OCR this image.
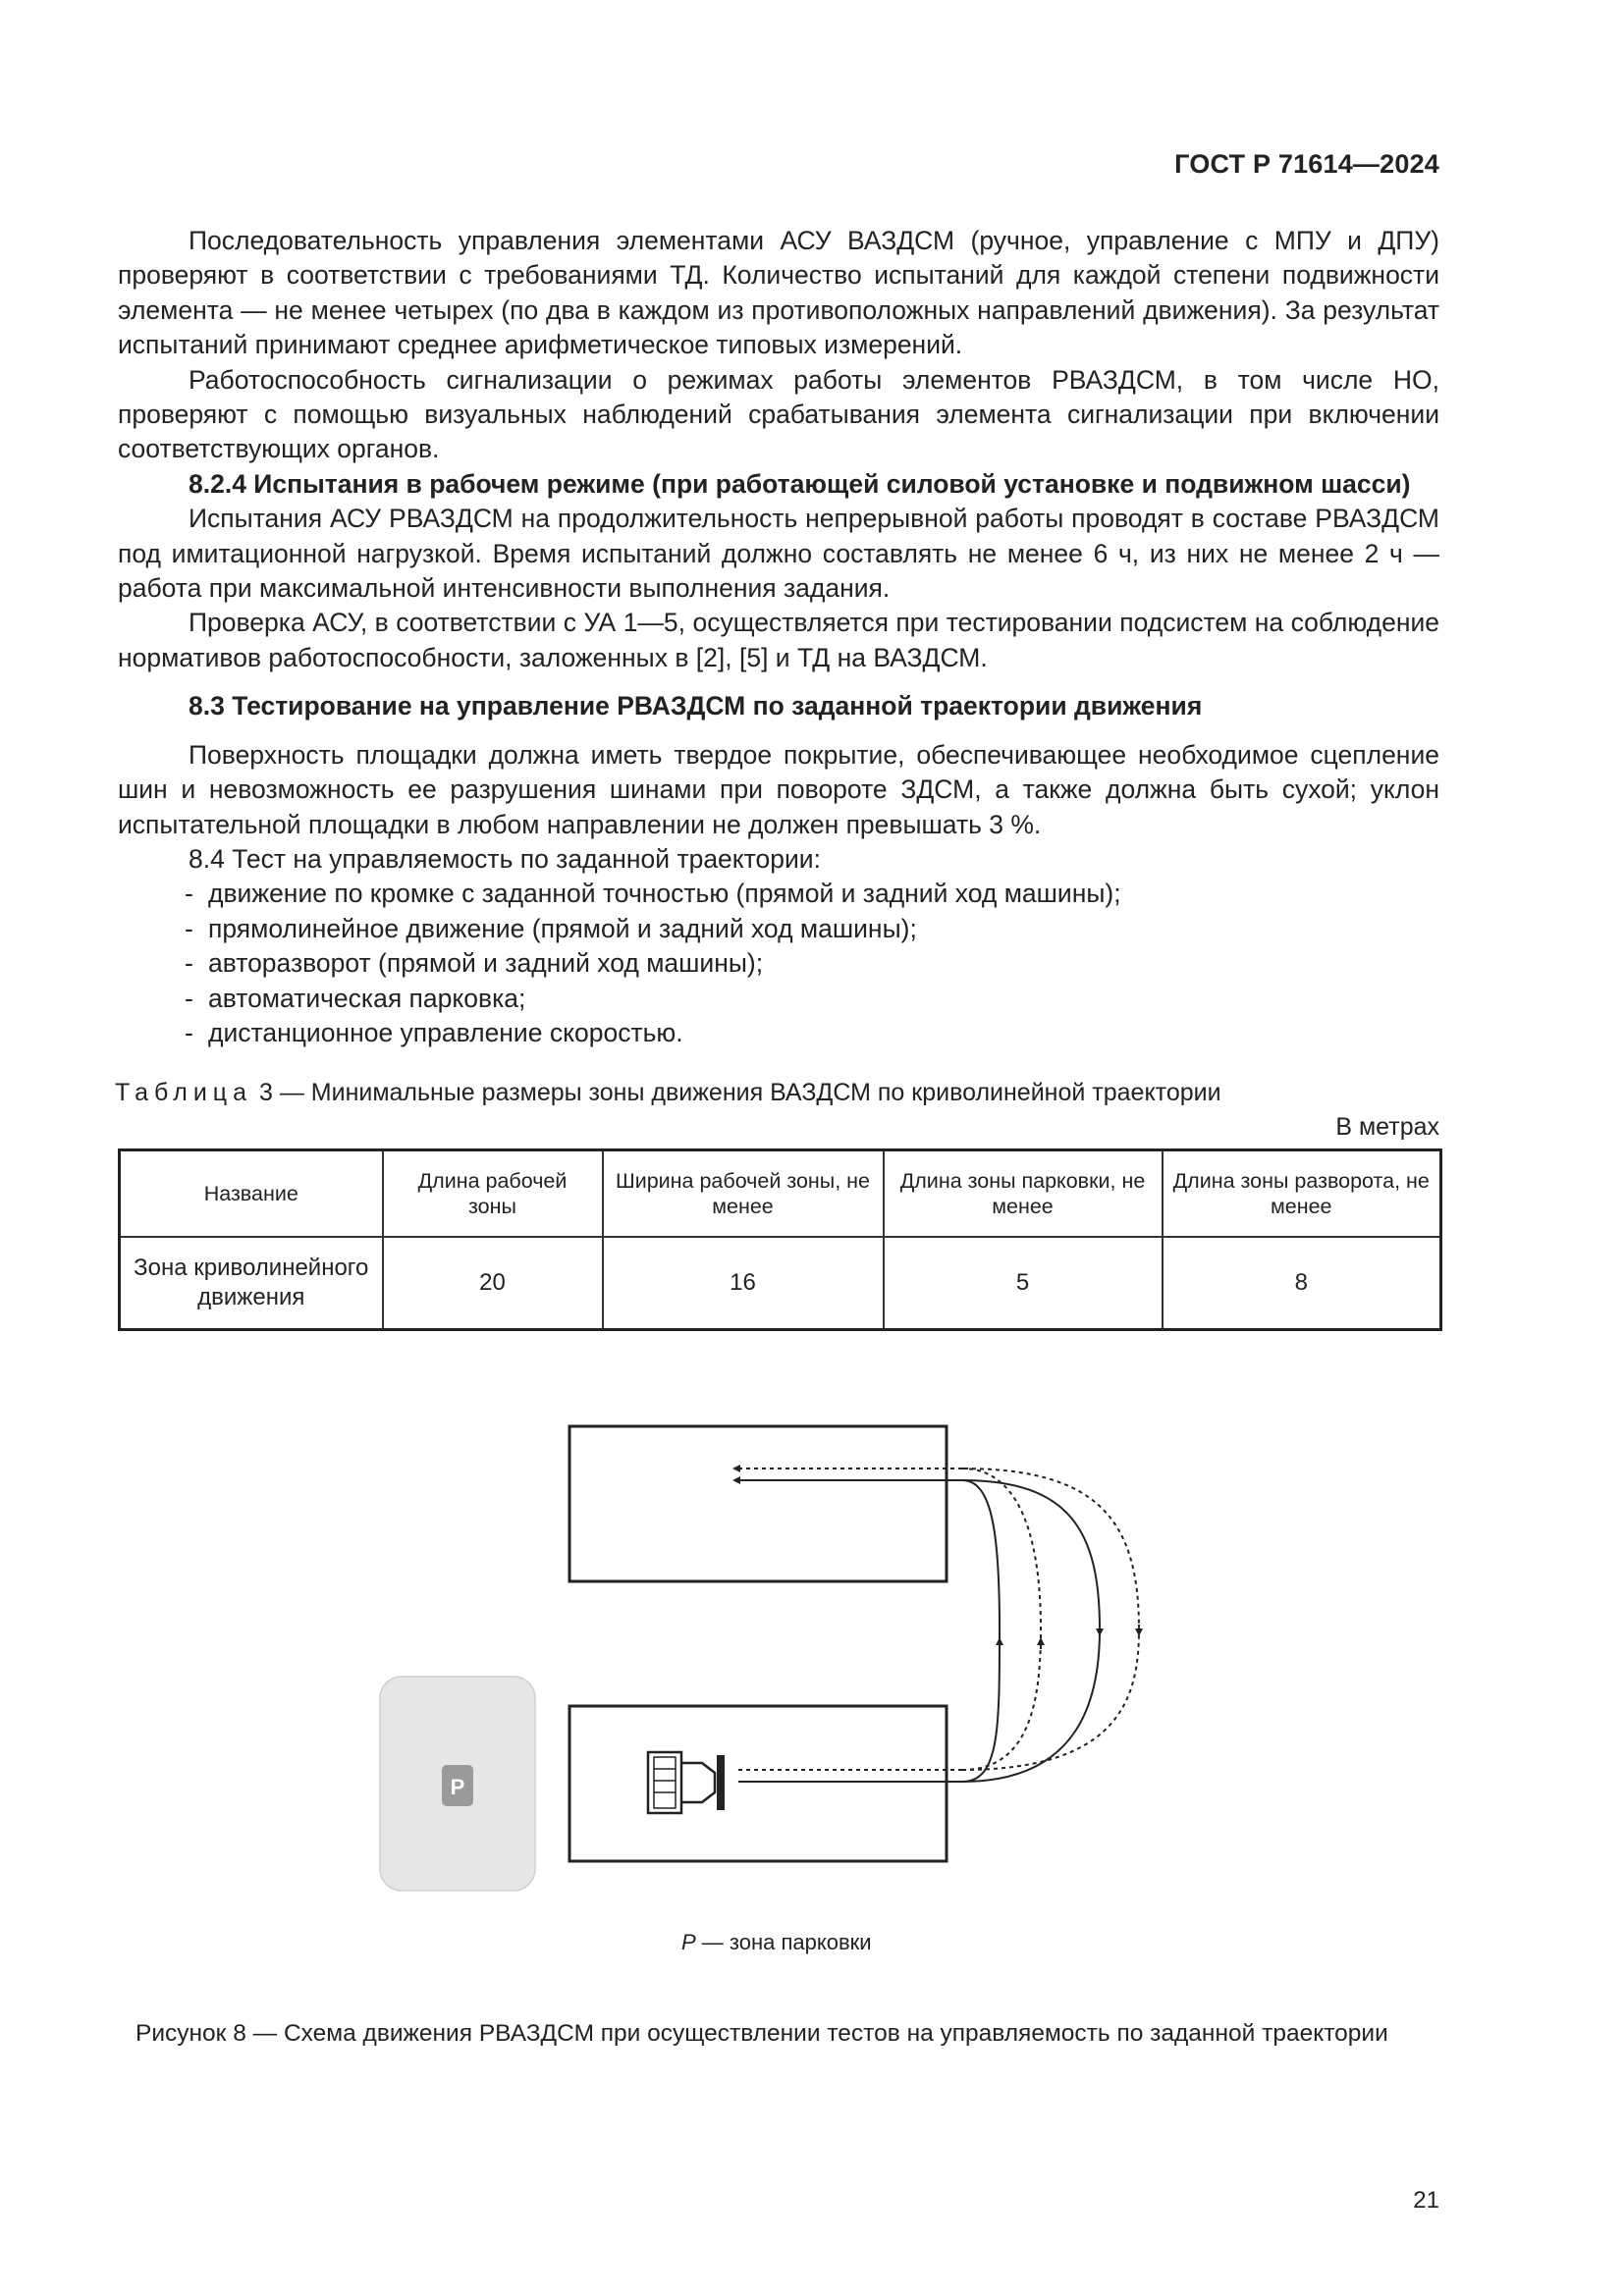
ГОСТ Р 71614—2024

Последовательность управления элементами АСУ ВАЗДСМ (ручное, управление с МПУ и ДПУ) проверяют в соответствии с требованиями ТД. Количество испытаний для каждой степени подвижности элемента — не менее четырех (по два в каждом из противоположных направлений движения). За результат испытаний принимают среднее арифметическое типовых измерений.

Работоспособность сигнализации о режимах работы элементов РВАЗДСМ, в том числе НО, проверяют с помощью визуальных наблюдений срабатывания элемента сигнализации при включении соответствующих органов.

8.2.4 Испытания в рабочем режиме (при работающей силовой установке и подвижном шасси)

Испытания АСУ РВАЗДСМ на продолжительность непрерывной работы проводят в составе РВАЗДСМ под имитационной нагрузкой. Время испытаний должно составлять не менее 6 ч, из них не менее 2 ч — работа при максимальной интенсивности выполнения задания.

Проверка АСУ, в соответствии с УА 1—5, осуществляется при тестировании подсистем на соблюдение нормативов работоспособности, заложенных в [2], [5] и ТД на ВАЗДСМ.

8.3 Тестирование на управление РВАЗДСМ по заданной траектории движения

Поверхность площадки должна иметь твердое покрытие, обеспечивающее необходимое сцепление шин и невозможность ее разрушения шинами при повороте ЗДСМ, а также должна быть сухой; уклон испытательной площадки в любом направлении не должен превышать 3 %.

8.4 Тест на управляемость по заданной траектории:

- движение по кромке с заданной точностью (прямой и задний ход машины);

- прямолинейное движение (прямой и задний ход машины);

- авторазворот (прямой и задний ход машины);

- автоматическая парковка;

- дистанционное управление скоростью.

Таблица 3 — Минимальные размеры зоны движения ВАЗДСМ по криволинейной траектории
В метрах
Название	Длина рабочей зоны	Ширина рабочей зоны, не менее	Длина зоны парковки, не менее	Длина зоны разворота, не менее
Зона криволинейного движения	20	16	5	8
P
Р — зона парковки
Рисунок 8 — Схема движения РВАЗДСМ при осуществлении тестов на управляемость по заданной траектории
21
